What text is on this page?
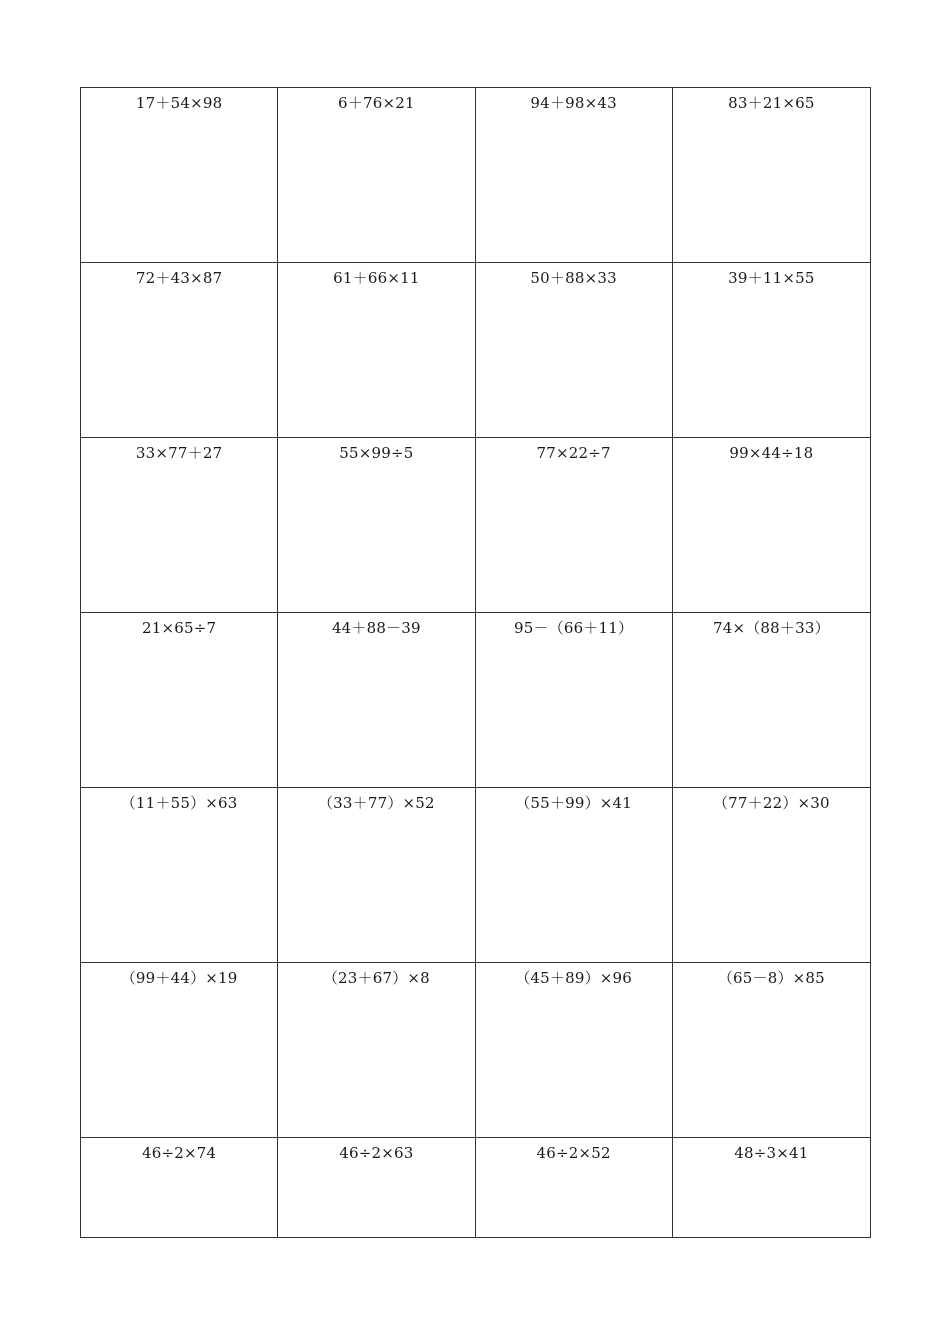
17＋54×98	6＋76×21	94＋98×43	83＋21×65
72＋43×87	61＋66×11	50＋88×33	39＋11×55
33×77＋27	55×99÷5	77×22÷7	99×44÷18
21×65÷7	44＋88－39	95－（66＋11）	74×（88＋33）
（11＋55）×63	（33＋77）×52	（55＋99）×41	（77＋22）×30
（99＋44）×19	（23＋67）×8	（45＋89）×96	（65－8）×85
46÷2×74	46÷2×63	46÷2×52	48÷3×41
